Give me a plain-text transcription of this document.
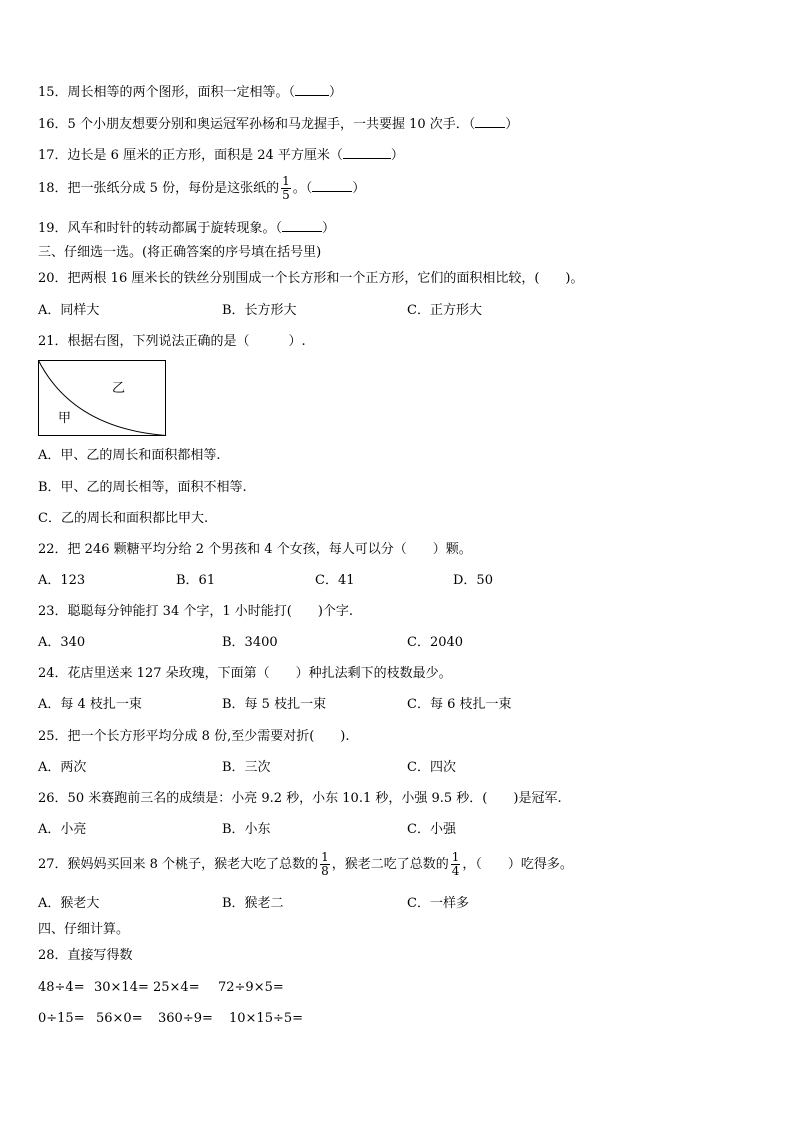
15．周长相等的两个图形，面积一定相等。（	）
16．5 个小朋友想要分别和奥运冠军孙杨和马龙握手，一共要握 10 次手．（ ）
17．边长是 6 厘米的正方形，面积是 24 平方厘米（	）
18．把一张纸分成 5 份，每份是这张纸的 $\frac{1}{5}$ 。（	）
19．风车和时针的转动都属于旋转现象。（	）
三、仔细选一选。(将正确答案的序号填在括号里)
20．把两根 16 厘米长的铁丝分别围成一个长方形和一个正方形，它们的面积相比较，(　　)。
A．同样大	B．长方形大	C．正方形大
21．根据右图，下列说法正确的是（　　　）.
乙
甲
A．甲、乙的周长和面积都相等.
B．甲、乙的周长相等，面积不相等.
C．乙的周长和面积都比甲大.
22．把 246 颗糖平均分给 2 个男孩和 4 个女孩，每人可以分（　　）颗。
A．123	B．61	C．41	D．50
23．聪聪每分钟能打 34 个字，1 小时能打(　　)个字.
A．340	B．3400	C．2040
24．花店里送来 127 朵玫瑰，下面第（　　）种扎法剩下的枝数最少。
A．每 4 枝扎一束	B．每 5 枝扎一束	C．每 6 枝扎一束
25．把一个长方形平均分成 8 份,至少需要对折(　　).
A．两次	B．三次	C．四次
26．50 米赛跑前三名的成绩是：小亮 9.2 秒，小东 10.1 秒，小强 9.5 秒．(　　)是冠军.
A．小亮	B．小东	C．小强
27．猴妈妈买回来 8 个桃子，猴老大吃了总数的 $\frac{1}{8}$ ，猴老二吃了总数的 $\frac{1}{4}$ ，（　　）吃得多。
A．猴老大	B．猴老二	C．一样多
四、仔细计算。
28．直接写得数
48÷4= 30×14= 25×4= 72÷9×5=
0÷15= 56×0= 360÷9= 10×15÷5=
